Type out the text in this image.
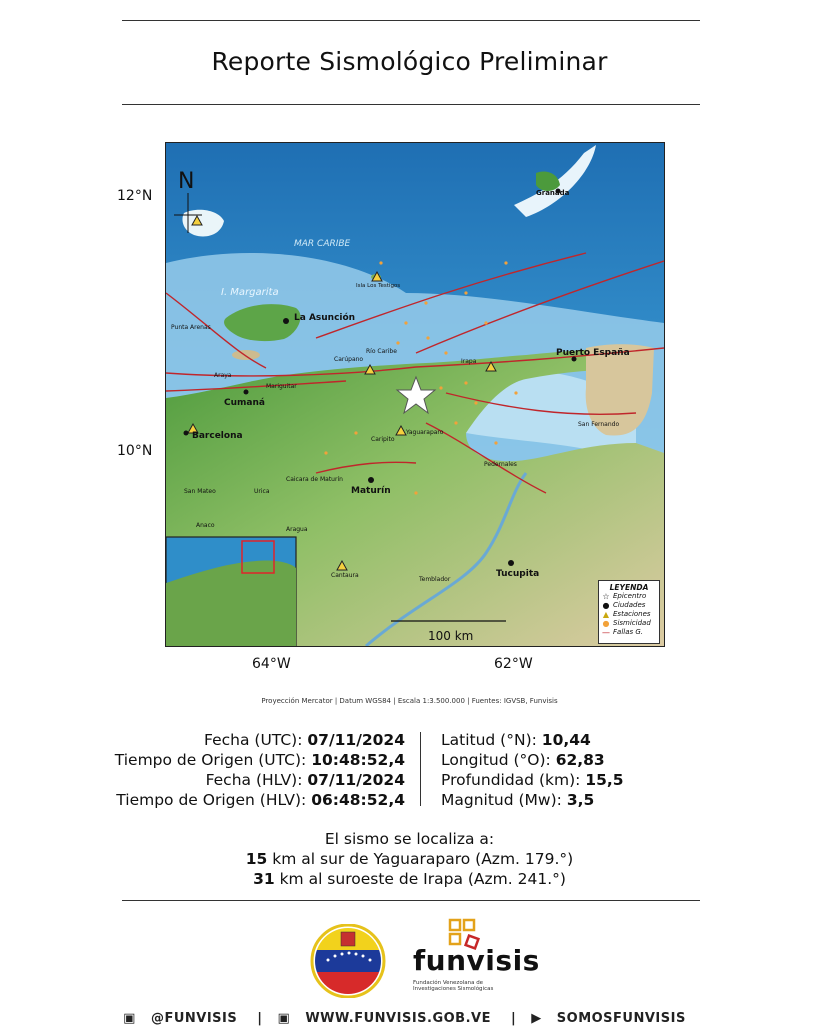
Reporte Sismológico Preliminar
12°N
10°N
64°W	62°W
N
MAR CARIBE
I. Margarita
La Asunción
Cumaná
Barcelona
Maturín
Puerto España
Tucupita
Granada
Isla Los Testigos
San Fernando
Pedernales
Caripito
Carúpano
Río Caribe
Punta Arenas
Araya
San Mateo	Urica
Anaco
Aragua
Cantaura
Temblador
Caicara de Maturín
Irapa
Yaguaraparo
Mariguitar
100 km
LEYENDA
☆ Epicentro
● Ciudades
▲ Estaciones
● Sismicidad
— Fallas G.
Proyección Mercator | Datum WGS84 | Escala 1:3.500.000 | Fuentes: IGVSB, Funvisis
Fecha (UTC): 07/11/2024
Tiempo de Origen (UTC): 10:48:52,4
Fecha (HLV): 07/11/2024
Tiempo de Origen (HLV): 06:48:52,4
Latitud (°N): 10,44
Longitud (°O): 62,83
Profundidad (km): 15,5
Magnitud (Mw): 3,5
El sismo se localiza a:
15 km al sur de Yaguaraparo (Azm. 179.°)
31 km al suroeste de Irapa (Azm. 241.°)
funvisis
Fundación Venezolana de Investigaciones Sismológicas
▣ @FUNVISIS | ▣ WWW.FUNVISIS.GOB.VE | ▶ SOMOSFUNVISIS
